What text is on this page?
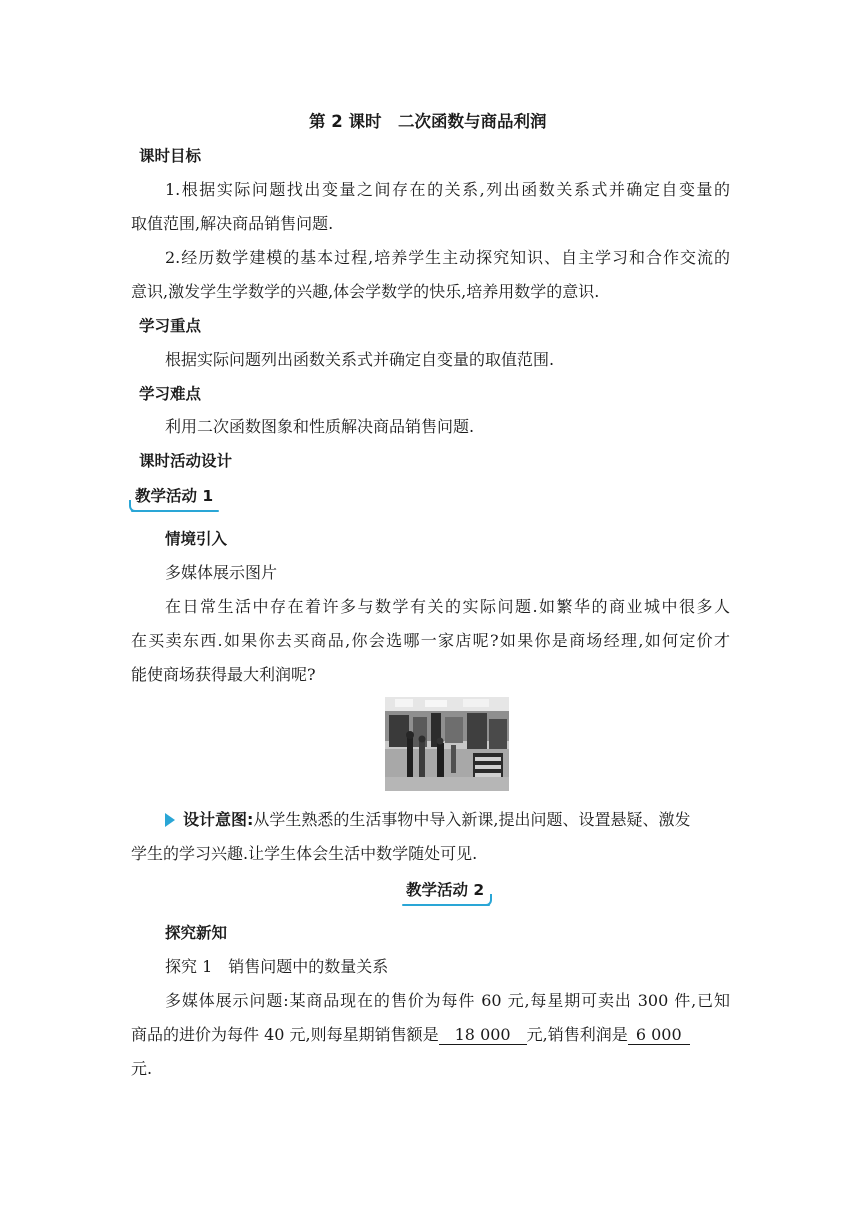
第 2 课时　二次函数与商品利润
课时目标
1.根据实际问题找出变量之间存在的关系,列出函数关系式并确定自变量的
取值范围,解决商品销售问题.
2.经历数学建模的基本过程,培养学生主动探究知识、自主学习和合作交流的
意识,激发学生学数学的兴趣,体会学数学的快乐,培养用数学的意识.
学习重点
根据实际问题列出函数关系式并确定自变量的取值范围.
学习难点
利用二次函数图象和性质解决商品销售问题.
课时活动设计
教学活动 1
情境引入
多媒体展示图片
在日常生活中存在着许多与数学有关的实际问题.如繁华的商业城中很多人
在买卖东西.如果你去买商品,你会选哪一家店呢?如果你是商场经理,如何定价才
能使商场获得最大利润呢?
设计意图:从学生熟悉的生活事物中导入新课,提出问题、设置悬疑、激发
学生的学习兴趣.让学生体会生活中数学随处可见.
教学活动 2
探究新知
探究 1　销售问题中的数量关系
多媒体展示问题:某商品现在的售价为每件 60 元,每星期可卖出 300 件,已知
商品的进价为每件 40 元,则每星期销售额是 18 000 元,销售利润是 6 000
元.
